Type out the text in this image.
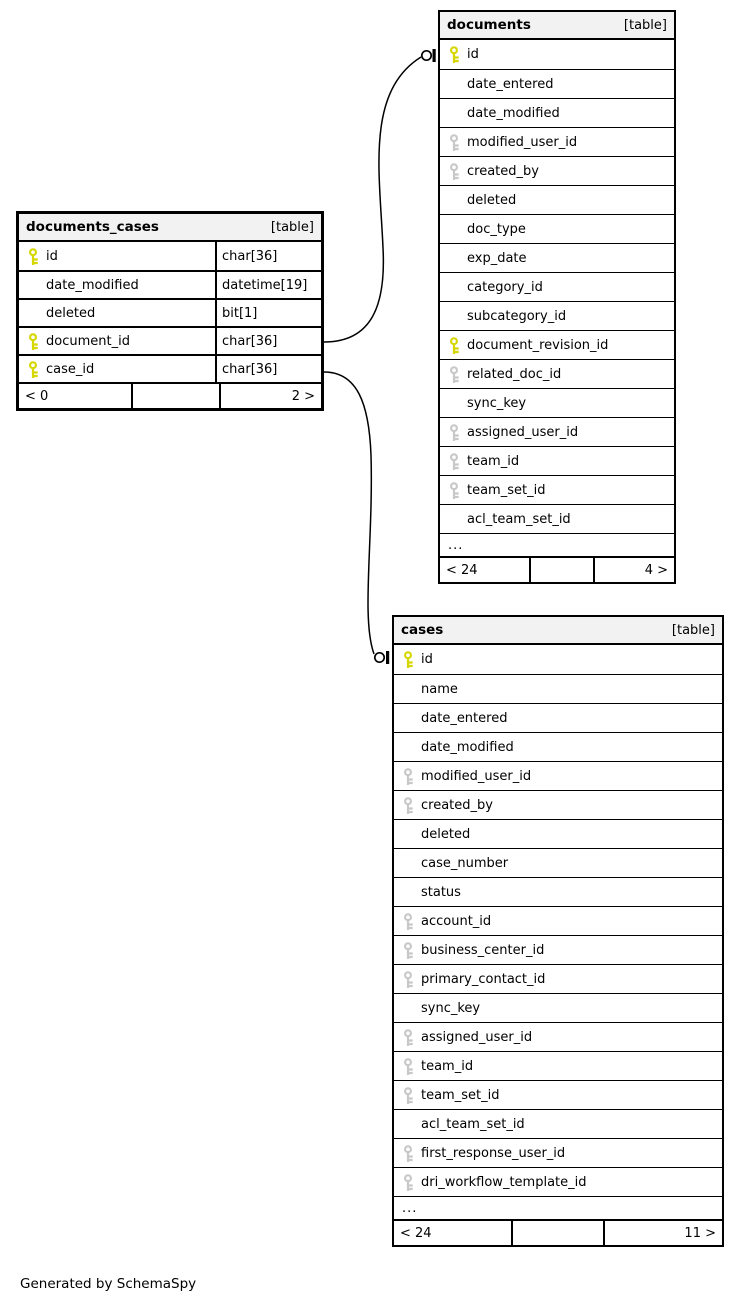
documents	[table]
id
date_entered
date_modified
modified_user_id
created_by
deleted
doc_type
exp_date
category_id
subcategory_id
document_revision_id
related_doc_id
sync_key
assigned_user_id
team_id
team_set_id
acl_team_set_id
...
< 24	4 >
documents_cases	[table]
id	char[36]
date_modified	datetime[19]
deleted	bit[1]
document_id	char[36]
case_id	char[36]
< 0	2 >
cases	[table]
id
name
date_entered
date_modified
modified_user_id
created_by
deleted
case_number
status
account_id
business_center_id
primary_contact_id
sync_key
assigned_user_id
team_id
team_set_id
acl_team_set_id
first_response_user_id
dri_workflow_template_id
...
< 24	11 >
Generated by SchemaSpy
